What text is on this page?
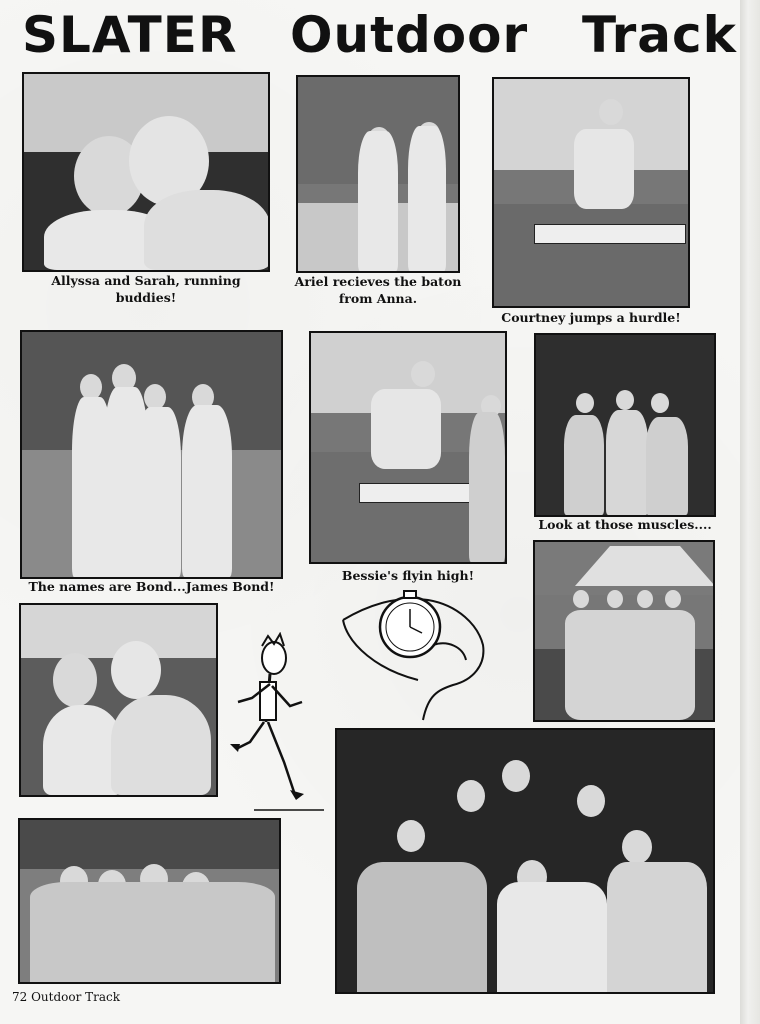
SLATER Outdoor Track
Allyssa and Sarah, running buddies!
Ariel recieves the baton from Anna.
Courtney jumps a hurdle!
The names are Bond...James Bond!
Bessie's flyin high!
Look at those muscles....
72 Outdoor Track
